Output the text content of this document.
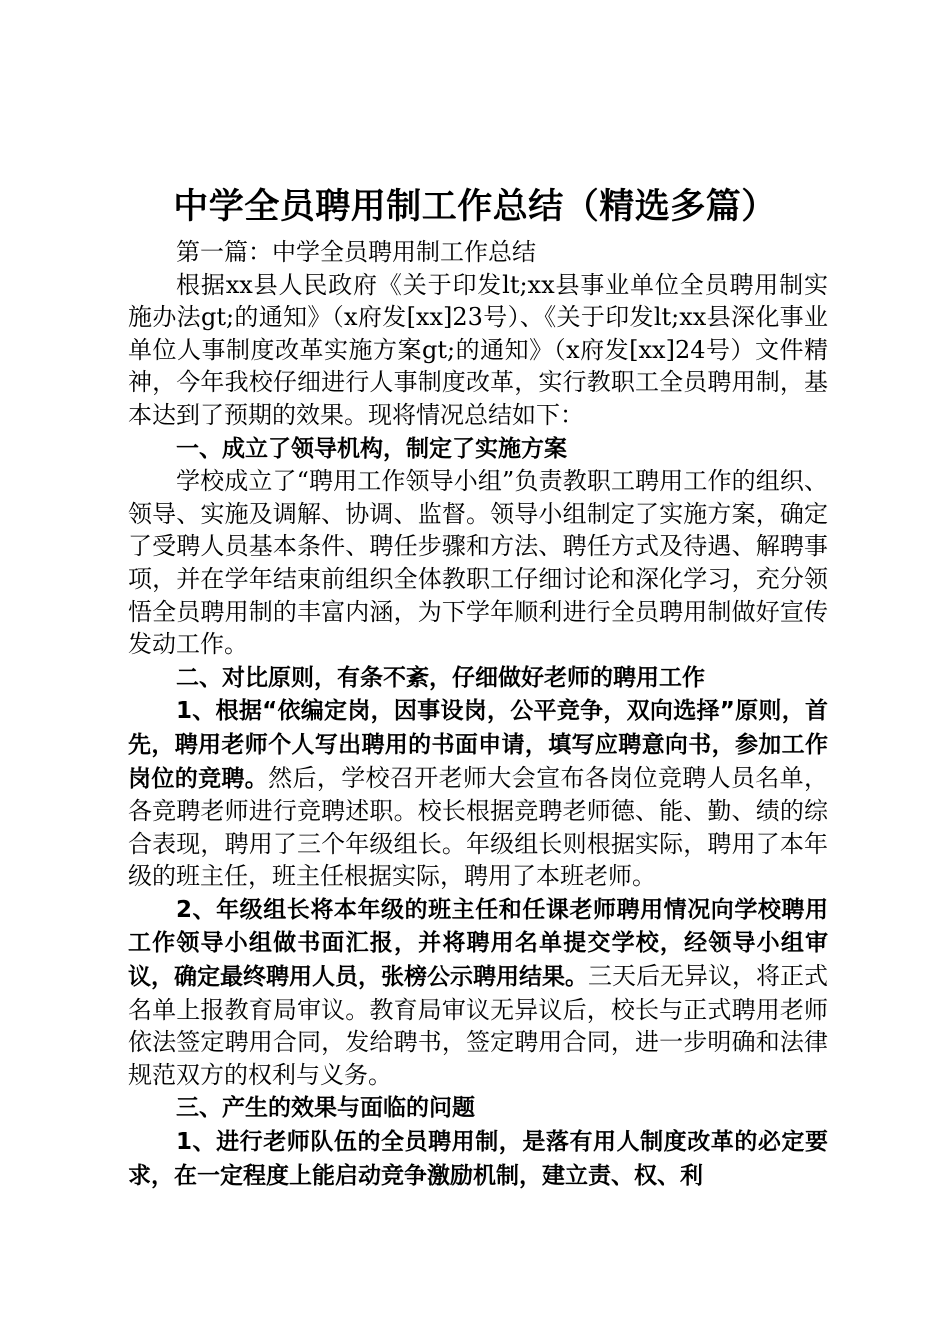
中学全员聘用制工作总结（精选多篇）

第一篇：中学全员聘用制工作总结

根据xx县人民政府《关于印发lt;xx县事业单位全员聘用制实施办法gt;的通知》（x府发[xx]23号）、《关于印发lt;xx县深化事业单位人事制度改革实施方案gt;的通知》（x府发[xx]24号）文件精神，今年我校仔细进行人事制度改革，实行教职工全员聘用制，基本达到了预期的效果。现将情况总结如下：

一、成立了领导机构，制定了实施方案

学校成立了“聘用工作领导小组”负责教职工聘用工作的组织、领导、实施及调解、协调、监督。领导小组制定了实施方案，确定了受聘人员基本条件、聘任步骤和方法、聘任方式及待遇、解聘事项，并在学年结束前组织全体教职工仔细讨论和深化学习，充分领悟全员聘用制的丰富内涵，为下学年顺利进行全员聘用制做好宣传发动工作。

二、对比原则，有条不紊，仔细做好老师的聘用工作

1、根据“依编定岗，因事设岗，公平竞争，双向选择”原则，首先，聘用老师个人写出聘用的书面申请，填写应聘意向书，参加工作岗位的竞聘。然后，学校召开老师大会宣布各岗位竞聘人员名单，各竞聘老师进行竞聘述职。校长根据竞聘老师德、能、勤、绩的综合表现，聘用了三个年级组长。年级组长则根据实际，聘用了本年级的班主任，班主任根据实际，聘用了本班老师。

2、年级组长将本年级的班主任和任课老师聘用情况向学校聘用工作领导小组做书面汇报，并将聘用名单提交学校，经领导小组审议，确定最终聘用人员，张榜公示聘用结果。三天后无异议，将正式名单上报教育局审议。教育局审议无异议后，校长与正式聘用老师依法签定聘用合同，发给聘书，签定聘用合同，进一步明确和法律规范双方的权利与义务。

三、产生的效果与面临的问题

1、进行老师队伍的全员聘用制，是落有用人制度改革的必定要求，在一定程度上能启动竞争激励机制，建立责、权、利
